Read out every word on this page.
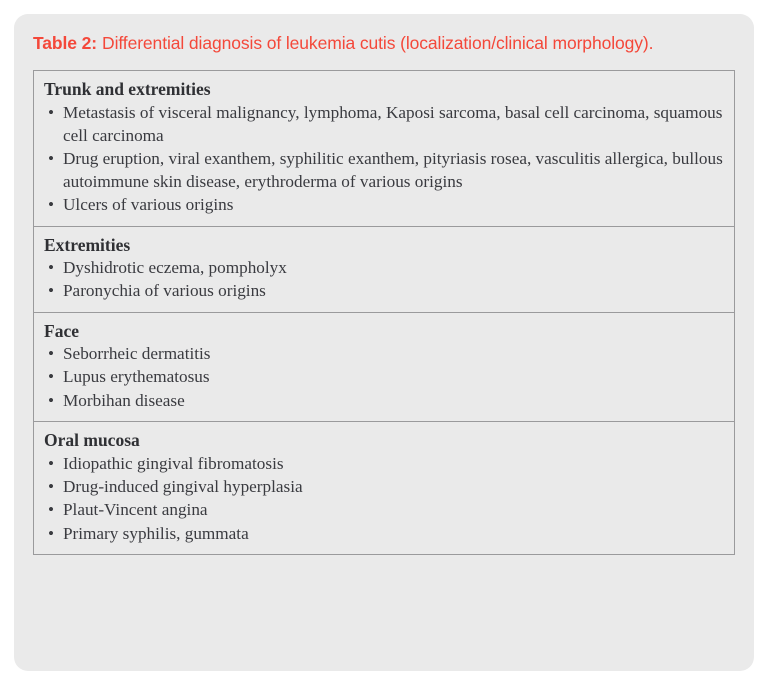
Table 2: Differential diagnosis of leukemia cutis (localization/clinical morphology).
Trunk and extremities
• Metastasis of visceral malignancy, lymphoma, Kaposi sarcoma, basal cell carcinoma, squamous cell carcinoma
• Drug eruption, viral exanthem, syphilitic exanthem, pityriasis rosea, vasculitis allergica, bullous autoimmune skin disease, erythroderma of various origins
• Ulcers of various origins
Extremities
• Dyshidrotic eczema, pompholyx
• Paronychia of various origins
Face
• Seborrheic dermatitis
• Lupus erythematosus
• Morbihan disease
Oral mucosa
• Idiopathic gingival fibromatosis
• Drug-induced gingival hyperplasia
• Plaut-Vincent angina
• Primary syphilis, gummata
